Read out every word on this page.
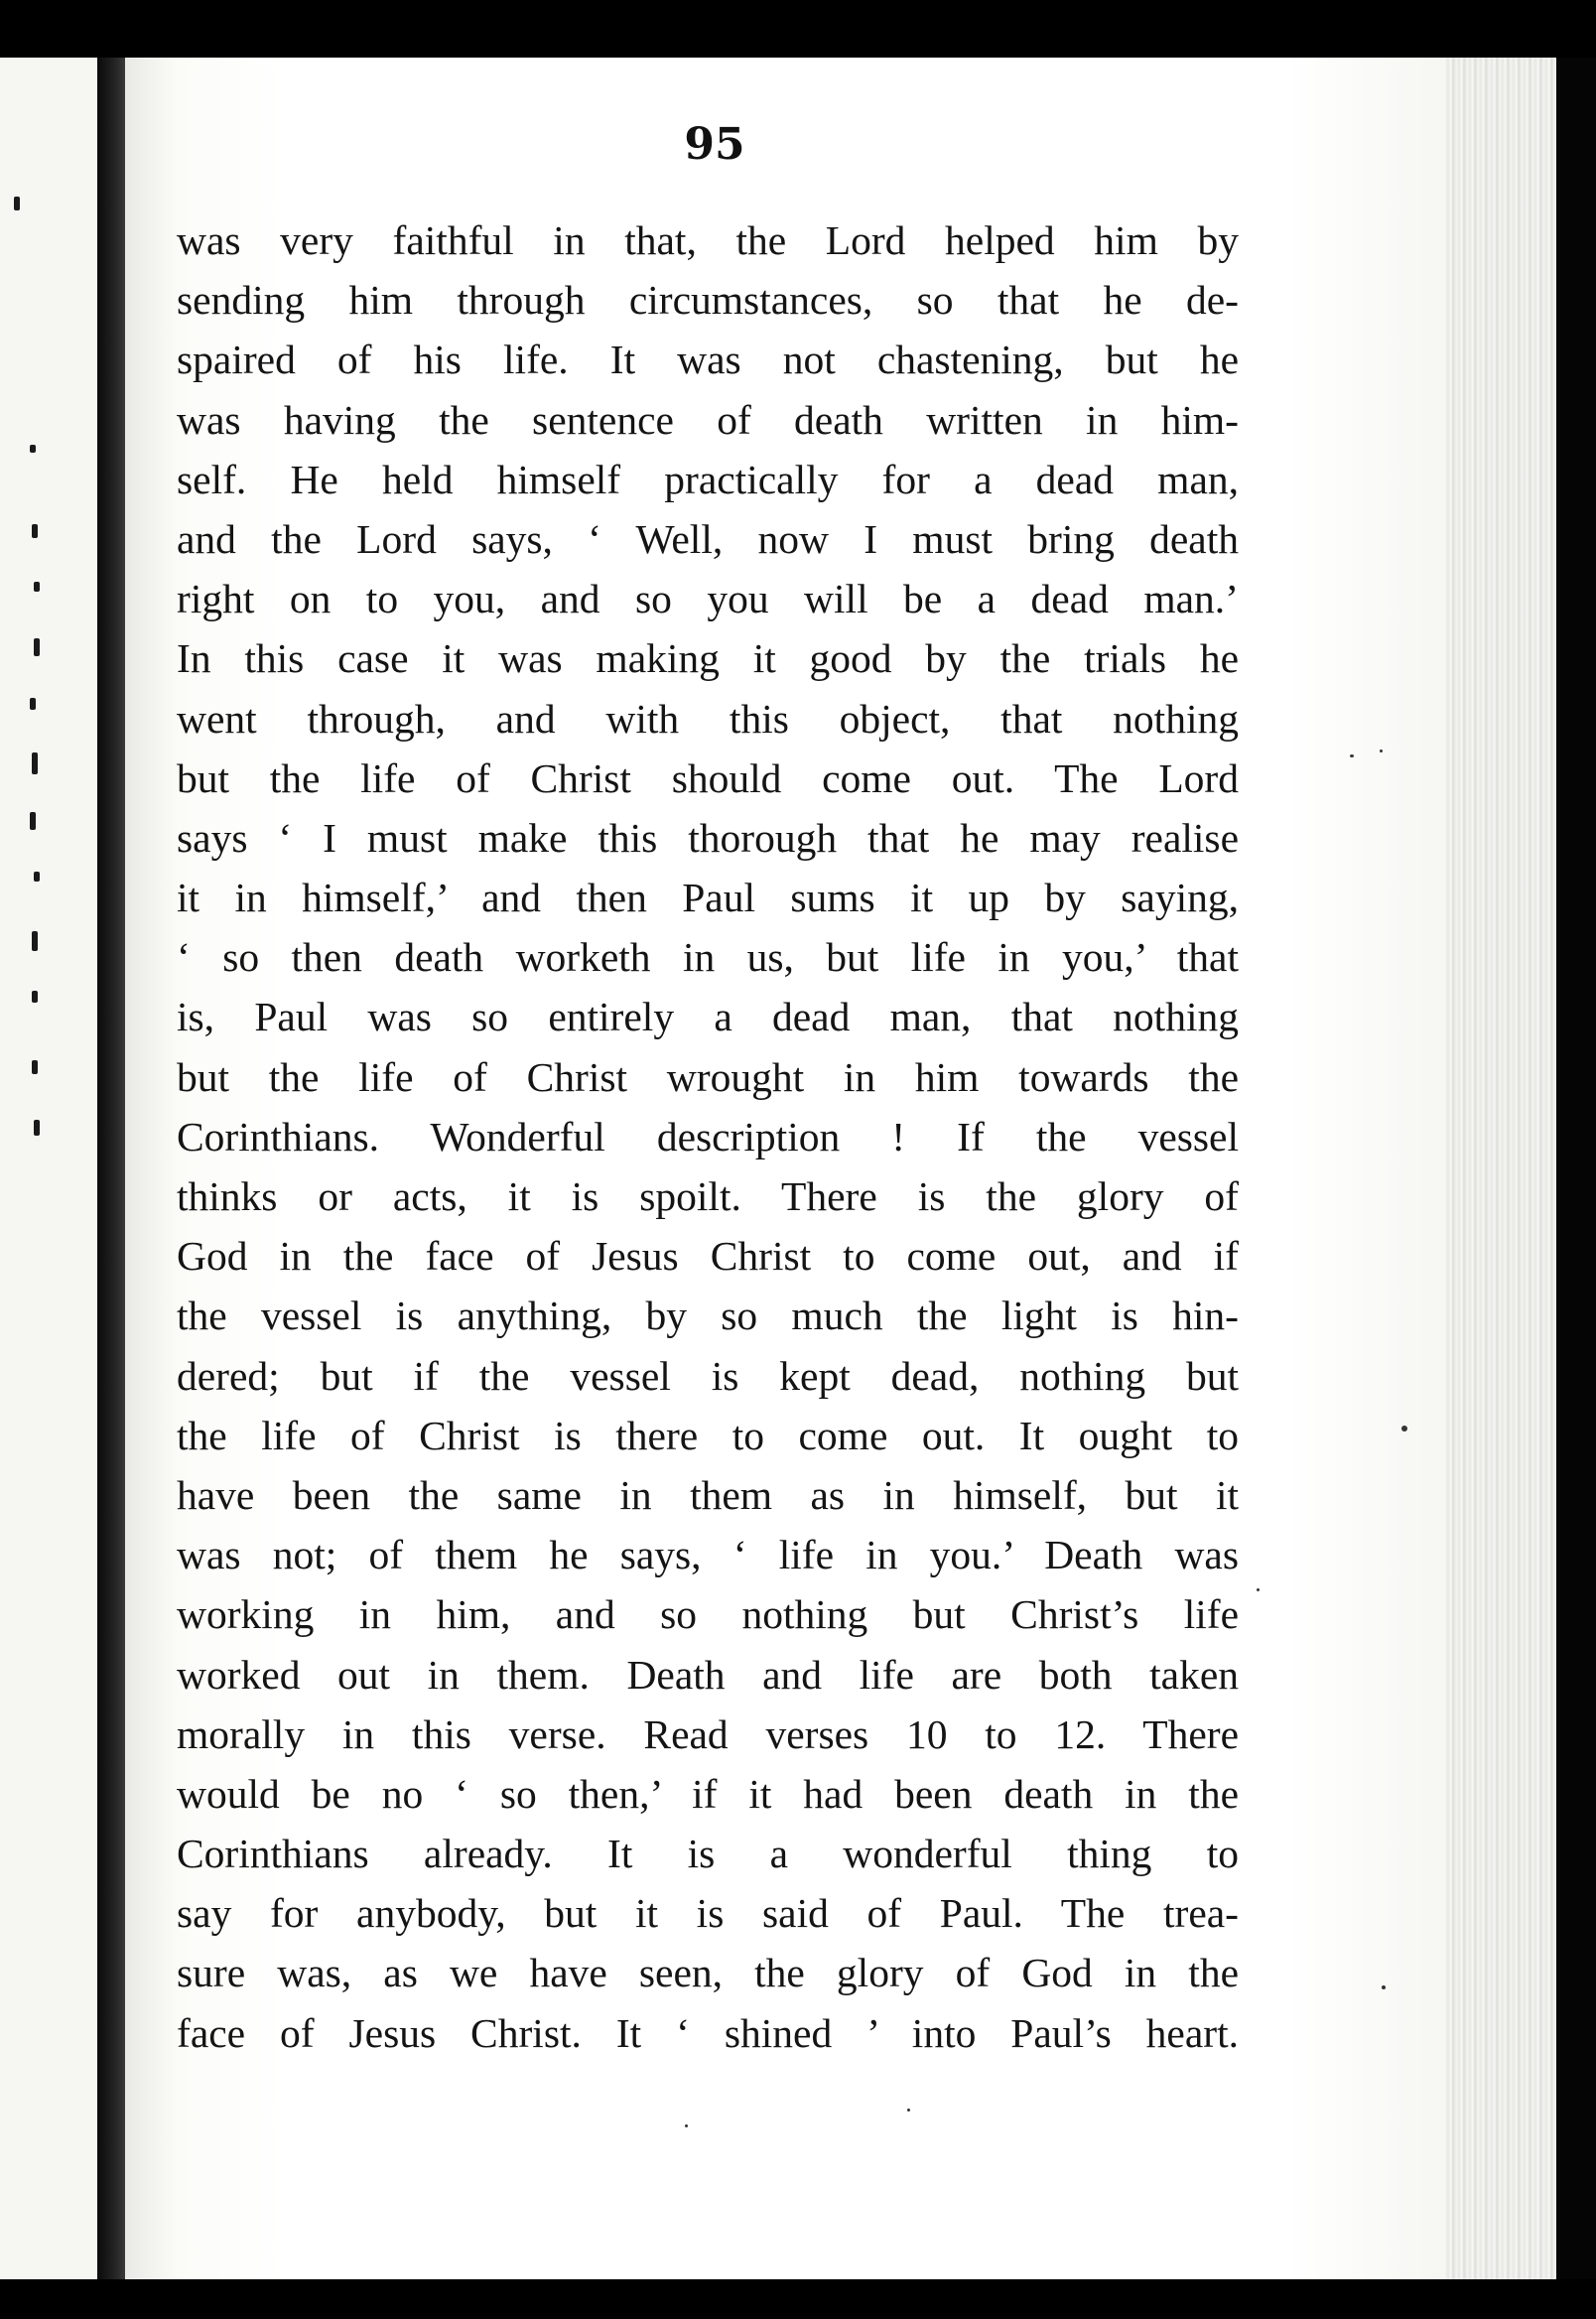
95
was very faithful in that, the Lord helped him by
sending him through circumstances, so that he de-
spaired of his life. It was not chastening, but he
was having the sentence of death written in him-
self. He held himself practically for a dead man,
and the Lord says, ‘ Well, now I must bring death
right on to you, and so you will be a dead man.’
In this case it was making it good by the trials he
went through, and with this object, that nothing
but the life of Christ should come out. The Lord
says ‘ I must make this thorough that he may realise
it in himself,’ and then Paul sums it up by saying,
‘ so then death worketh in us, but life in you,’ that
is, Paul was so entirely a dead man, that nothing
but the life of Christ wrought in him towards the
Corinthians. Wonderful description ! If the vessel
thinks or acts, it is spoilt. There is the glory of
God in the face of Jesus Christ to come out, and if
the vessel is anything, by so much the light is hin-
dered; but if the vessel is kept dead, nothing but
the life of Christ is there to come out. It ought to
have been the same in them as in himself, but it
was not; of them he says, ‘ life in you.’ Death was
working in him, and so nothing but Christ’s life
worked out in them. Death and life are both taken
morally in this verse. Read verses 10 to 12. There
would be no ‘ so then,’ if it had been death in the
Corinthians already. It is a wonderful thing to
say for anybody, but it is said of Paul. The trea-
sure was, as we have seen, the glory of God in the
face of Jesus Christ. It ‘ shined ’ into Paul’s heart.
